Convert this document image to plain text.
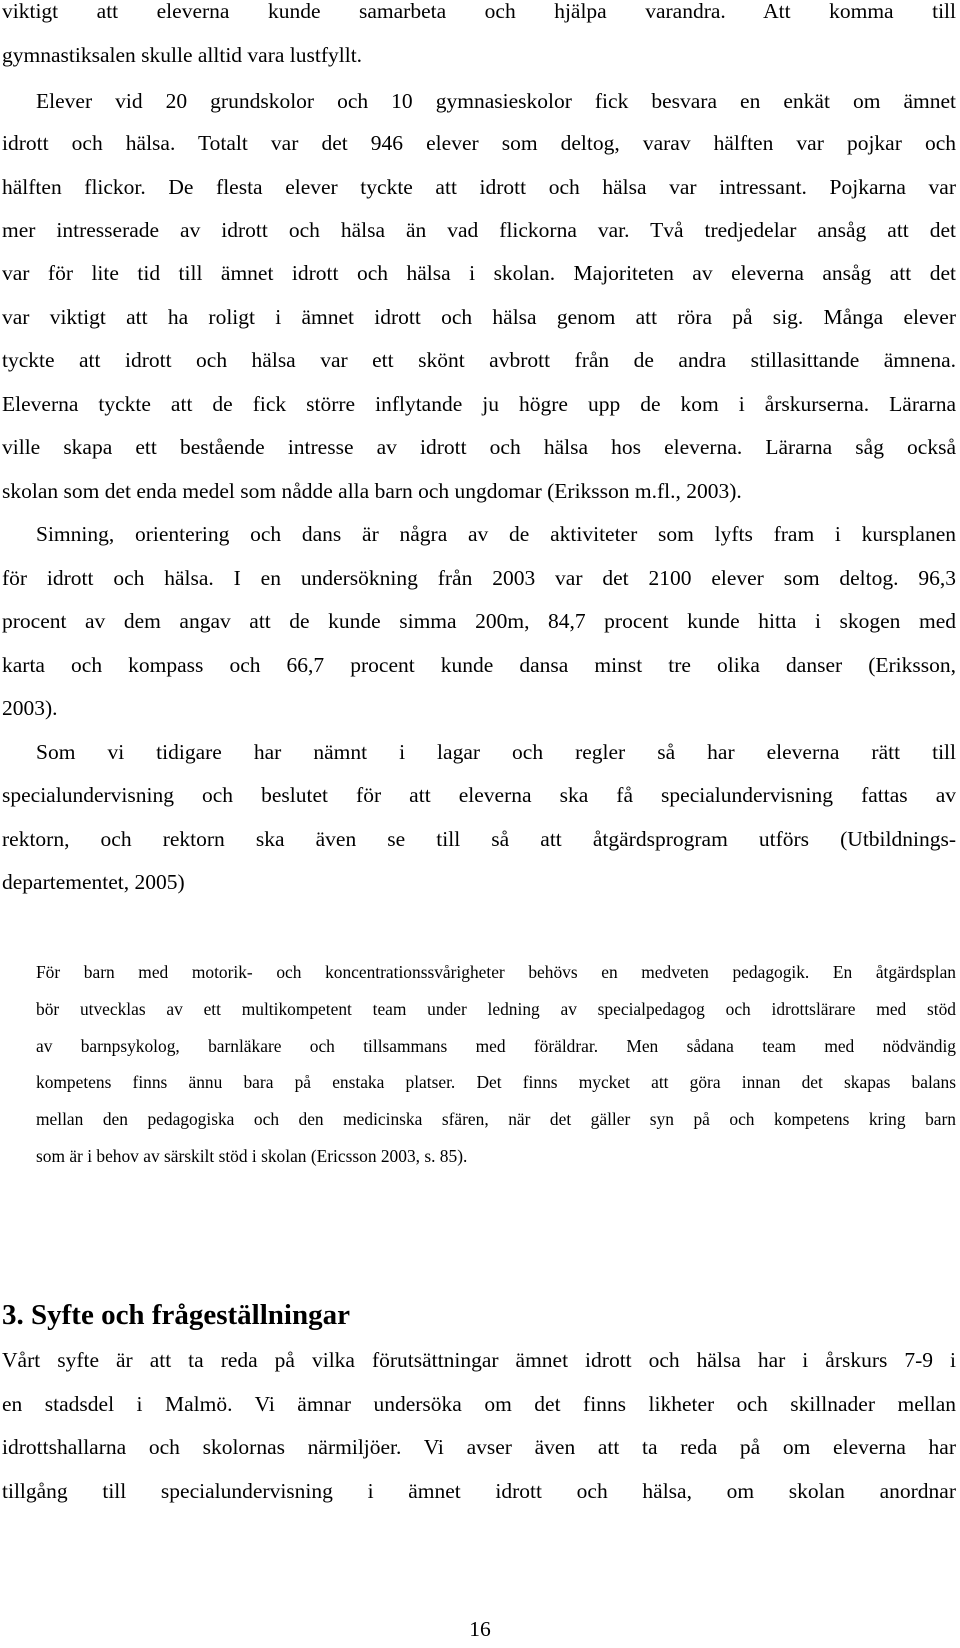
viktigt att eleverna kunde samarbeta och hjälpa varandra. Att komma till
gymnastiksalen skulle alltid vara lustfyllt.
Elever vid 20 grundskolor och 10 gymnasieskolor fick besvara en enkät om ämnet
idrott och hälsa. Totalt var det 946 elever som deltog, varav hälften var pojkar och
hälften flickor. De flesta elever tyckte att idrott och hälsa var intressant. Pojkarna var
mer intresserade av idrott och hälsa än vad flickorna var. Två tredjedelar ansåg att det
var för lite tid till ämnet idrott och hälsa i skolan. Majoriteten av eleverna ansåg att det
var viktigt att ha roligt i ämnet idrott och hälsa genom att röra på sig. Många elever
tyckte att idrott och hälsa var ett skönt avbrott från de andra stillasittande ämnena.
Eleverna tyckte att de fick större inflytande ju högre upp de kom i årskurserna. Lärarna
ville skapa ett bestående intresse av idrott och hälsa hos eleverna. Lärarna såg också
skolan som det enda medel som nådde alla barn och ungdomar (Eriksson m.fl., 2003).
Simning, orientering och dans är några av de aktiviteter som lyfts fram i kursplanen
för idrott och hälsa. I en undersökning från 2003 var det 2100 elever som deltog. 96,3
procent av dem angav att de kunde simma 200m, 84,7 procent kunde hitta i skogen med
karta och kompass och 66,7 procent kunde dansa minst tre olika danser (Eriksson,
2003).
Som vi tidigare har nämnt i lagar och regler så har eleverna rätt till
specialundervisning och beslutet för att eleverna ska få specialundervisning fattas av
rektorn, och rektorn ska även se till så att åtgärdsprogram utförs (Utbildnings-
departementet, 2005)
För barn med motorik- och koncentrationssvårigheter behövs en medveten pedagogik. En åtgärdsplan
bör utvecklas av ett multikompetent team under ledning av specialpedagog och idrottslärare med stöd
av barnpsykolog, barnläkare och tillsammans med föräldrar. Men sådana team med nödvändig
kompetens finns ännu bara på enstaka platser. Det finns mycket att göra innan det skapas balans
mellan den pedagogiska och den medicinska sfären, när det gäller syn på och kompetens kring barn
som är i behov av särskilt stöd i skolan (Ericsson 2003, s. 85).
3. Syfte och frågeställningar
Vårt syfte är att ta reda på vilka förutsättningar ämnet idrott och hälsa har i årskurs 7-9 i
en stadsdel i Malmö. Vi ämnar undersöka om det finns likheter och skillnader mellan
idrottshallarna och skolornas närmiljöer. Vi avser även att ta reda på om eleverna har
tillgång till specialundervisning i ämnet idrott och hälsa, om skolan anordnar
16
